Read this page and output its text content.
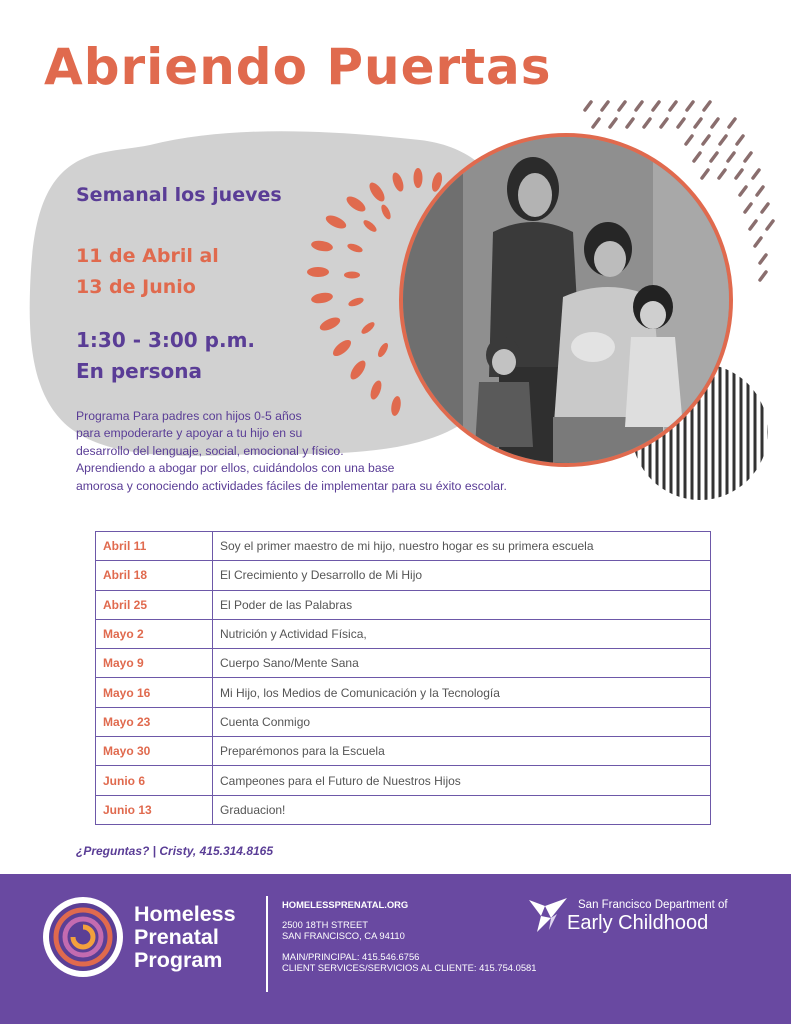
Abriendo Puertas

Semanal los jueves

11 de Abril al

13 de Junio

1:30 - 3:00 p.m.

En persona

Programa Para padres con hijos 0-5 años
para empoderarte y apoyar a tu hijo en su
desarrollo del lenguaje, social, emocional y físico.
Aprendiendo a abogar por ellos, cuidándolos con una base
amorosa y conociendo actividades fáciles de implementar para su éxito escolar.

Abril 11	Soy el primer maestro de mi hijo, nuestro hogar es su primera escuela
Abril 18	El Crecimiento y Desarrollo de Mi Hijo
Abril 25	El Poder de las Palabras
Mayo 2	Nutrición y Actividad Física,
Mayo 9	Cuerpo Sano/Mente Sana
Mayo 16	Mi Hijo, los Medios de Comunicación y la Tecnología
Mayo 23	Cuenta Conmigo
Mayo 30	Preparémonos para la Escuela
Junio 6	Campeones para el Futuro de Nuestros Hijos
Junio 13	Graduacion!

¿Preguntas? | Cristy, 415.314.8165

Homeless
Prenatal
Program

HOMELESSPRENATAL.ORG

2500 18TH STREET
SAN FRANCISCO, CA 94110

MAIN/PRINCIPAL: 415.546.6756
CLIENT SERVICES/SERVICIOS AL CLIENTE: 415.754.0581

San Francisco Department of
Early Childhood
